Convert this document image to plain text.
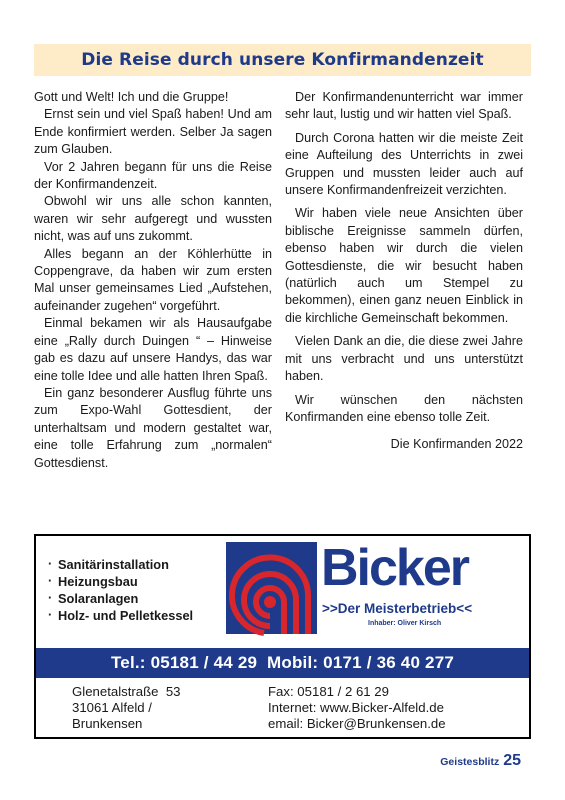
Die Reise durch unsere Konfirmandenzeit

Gott und Welt! Ich und die Gruppe!

Ernst sein und viel Spaß haben! Und am Ende konfirmiert werden. Selber Ja sagen zum Glauben.

Vor 2 Jahren begann für uns die Reise der Konfirmandenzeit.

Obwohl wir uns alle schon kannten, waren wir sehr aufgeregt und wussten nicht, was auf uns zukommt.

Alles begann an der Köhlerhütte in Coppengrave, da haben wir zum ersten Mal unser gemeinsames Lied „Aufstehen, aufeinander zugehen“ vorgeführt.

Einmal bekamen wir als Hausaufgabe eine „Rally durch Duingen “ – Hinweise gab es dazu auf unsere Handys, das war eine tolle Idee und alle hatten Ihren Spaß.

Ein ganz besonderer Ausflug führte uns zum Expo-Wahl Gottesdient, der unterhaltsam und modern gestaltet war, eine tolle Erfahrung zum „normalen“ Gottesdienst.

Der Konfirmandenunterricht war immer sehr laut, lustig und wir hatten viel Spaß.

Durch Corona hatten wir die meiste Zeit eine Aufteilung des Unterrichts in zwei Gruppen und mussten leider auch auf unsere Konfirmandenfreizeit verzichten.

Wir haben viele neue Ansichten über biblische Ereignisse sammeln dürfen, ebenso haben wir durch die vielen Gottesdienste, die wir besucht haben (natürlich auch um Stempel zu bekommen), einen ganz neuen Einblick in die kirchliche Gemeinschaft bekommen.

Vielen Dank an die, die diese zwei Jahre mit uns verbracht und uns unterstützt haben.

Wir wünschen den nächsten Konfirmanden eine ebenso tolle Zeit.

Die Konfirmanden 2022

· Sanitärinstallation
· Heizungsbau
· Solaranlagen
· Holz- und Pelletkessel
Bicker
>>Der Meisterbetrieb<<
Inhaber: Oliver Kirsch
Tel.: 05181 / 44 29  Mobil: 0171 / 36 40 277
Glenetalstraße  53
31061 Alfeld /
Brunkensen
Fax: 05181 / 2 61 29
Internet: www.Bicker-Alfeld.de
email: Bicker@Brunkensen.de
Geistesblitz 25
